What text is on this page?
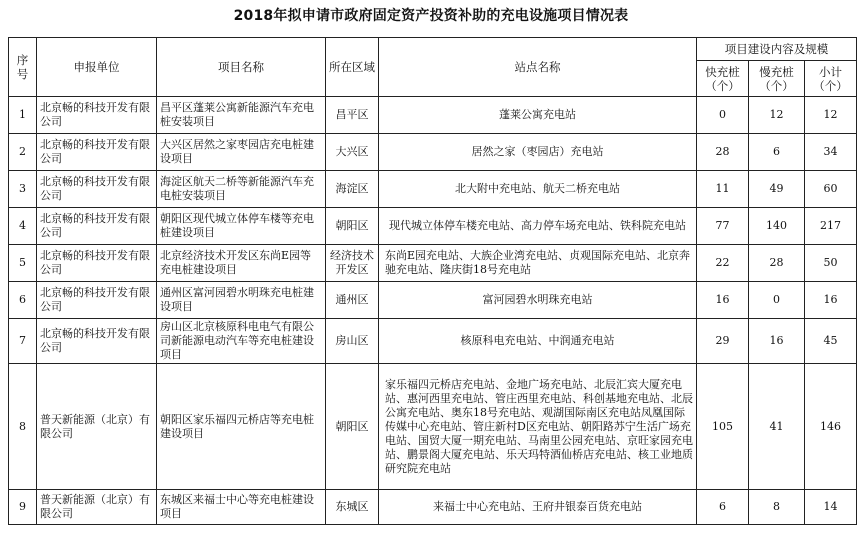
2018年拟申请市政府固定资产投资补助的充电设施项目情况表
序号	申报单位	项目名称	所在区域	站点名称	项目建设内容及规模		
					快充桩（个）	慢充桩（个）	小计（个）
1	北京畅的科技开发有限公司	昌平区蓬莱公寓新能源汽车充电桩安装项目	昌平区	蓬莱公寓充电站	0	12	12
2	北京畅的科技开发有限公司	大兴区居然之家枣园店充电桩建设项目	大兴区	居然之家（枣园店）充电站	28	6	34
3	北京畅的科技开发有限公司	海淀区航天二桥等新能源汽车充电桩安装项目	海淀区	北大附中充电站、航天二桥充电站	11	49	60
4	北京畅的科技开发有限公司	朝阳区现代城立体停车楼等充电桩建设项目	朝阳区	现代城立体停车楼充电站、高力停车场充电站、铁科院充电站	77	140	217
5	北京畅的科技开发有限公司	北京经济技术开发区东尚E园等充电桩建设项目	经济技术开发区	东尚E园充电站、大族企业湾充电站、贞观国际充电站、北京奔驰充电站、隆庆街18号充电站	22	28	50
6	北京畅的科技开发有限公司	通州区富河园碧水明珠充电桩建设项目	通州区	富河园碧水明珠充电站	16	0	16
7	北京畅的科技开发有限公司	房山区北京核原科电电气有限公司新能源电动汽车等充电桩建设项目	房山区	核原科电充电站、中润通充电站	29	16	45
8	普天新能源（北京）有限公司	朝阳区家乐福四元桥店等充电桩建设项目	朝阳区	家乐福四元桥店充电站、金地广场充电站、北辰汇宾大厦充电站、惠河西里充电站、管庄西里充电站、科创基地充电站、北辰公寓充电站、奥东18号充电站、观湖国际南区充电站凤凰国际传媒中心充电站、管庄新村D区充电站、朝阳路苏宁生活广场充电站、国贸大厦一期充电站、马南里公园充电站、京旺家园充电站、鹏景阁大厦充电站、乐天玛特酒仙桥店充电站、核工业地质研究院充电站	105	41	146
9	普天新能源（北京）有限公司	东城区来福士中心等充电桩建设项目	东城区	来福士中心充电站、王府井银泰百货充电站	6	8	14
